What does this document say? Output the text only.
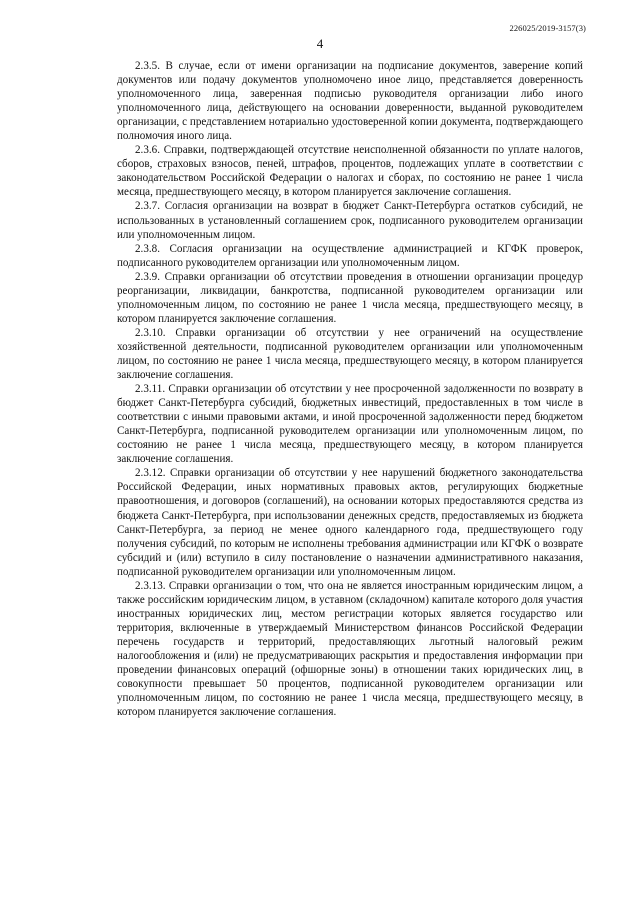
226025/2019-3157(3)
4

2.3.5. В случае, если от имени организации на подписание документов, заверение копий документов или подачу документов уполномочено иное лицо, представляется доверенность уполномоченного лица, заверенная подписью руководителя организации либо иного уполномоченного лица, действующего на основании доверенности, выданной руководителем организации, с представлением нотариально удостоверенной копии документа, подтверждающего полномочия иного лица.

2.3.6. Справки, подтверждающей отсутствие неисполненной обязанности по уплате налогов, сборов, страховых взносов, пеней, штрафов, процентов, подлежащих уплате в соответствии с законодательством Российской Федерации о налогах и сборах, по состоянию не ранее 1 числа месяца, предшествующего месяцу, в котором планируется заключение соглашения.

2.3.7. Согласия организации на возврат в бюджет Санкт-Петербурга остатков субсидий, не использованных в установленный соглашением срок, подписанного руководителем организации или уполномоченным лицом.

2.3.8. Согласия организации на осуществление администрацией и КГФК проверок, подписанного руководителем организации или уполномоченным лицом.

2.3.9. Справки организации об отсутствии проведения в отношении организации процедур реорганизации, ликвидации, банкротства, подписанной руководителем организации или уполномоченным лицом, по состоянию не ранее 1 числа месяца, предшествующего месяцу, в котором планируется заключение соглашения.

2.3.10. Справки организации об отсутствии у нее ограничений на осуществление хозяйственной деятельности, подписанной руководителем организации или уполномоченным лицом, по состоянию не ранее 1 числа месяца, предшествующего месяцу, в котором планируется заключение соглашения.

2.3.11. Справки организации об отсутствии у нее просроченной задолженности по возврату в бюджет Санкт-Петербурга субсидий, бюджетных инвестиций, предоставленных в том числе в соответствии с иными правовыми актами, и иной просроченной задолженности перед бюджетом Санкт-Петербурга, подписанной руководителем организации или уполномоченным лицом, по состоянию не ранее 1 числа месяца, предшествующего месяцу, в котором планируется заключение соглашения.

2.3.12. Справки организации об отсутствии у нее нарушений бюджетного законодательства Российской Федерации, иных нормативных правовых актов, регулирующих бюджетные правоотношения, и договоров (соглашений), на основании которых предоставляются средства из бюджета Санкт-Петербурга, при использовании денежных средств, предоставляемых из бюджета Санкт-Петербурга, за период не менее одного календарного года, предшествующего году получения субсидий, по которым не исполнены требования администрации или КГФК о возврате субсидий и (или) вступило в силу постановление о назначении административного наказания, подписанной руководителем организации или уполномоченным лицом.

2.3.13. Справки организации о том, что она не является иностранным юридическим лицом, а также российским юридическим лицом, в уставном (складочном) капитале которого доля участия иностранных юридических лиц, местом регистрации которых является государство или территория, включенные в утверждаемый Министерством финансов Российской Федерации перечень государств и территорий, предоставляющих льготный налоговый режим налогообложения и (или) не предусматривающих раскрытия и предоставления информации при проведении финансовых операций (офшорные зоны) в отношении таких юридических лиц, в совокупности превышает 50 процентов, подписанной руководителем организации или уполномоченным лицом, по состоянию не ранее 1 числа месяца, предшествующего месяцу, в котором планируется заключение соглашения.
